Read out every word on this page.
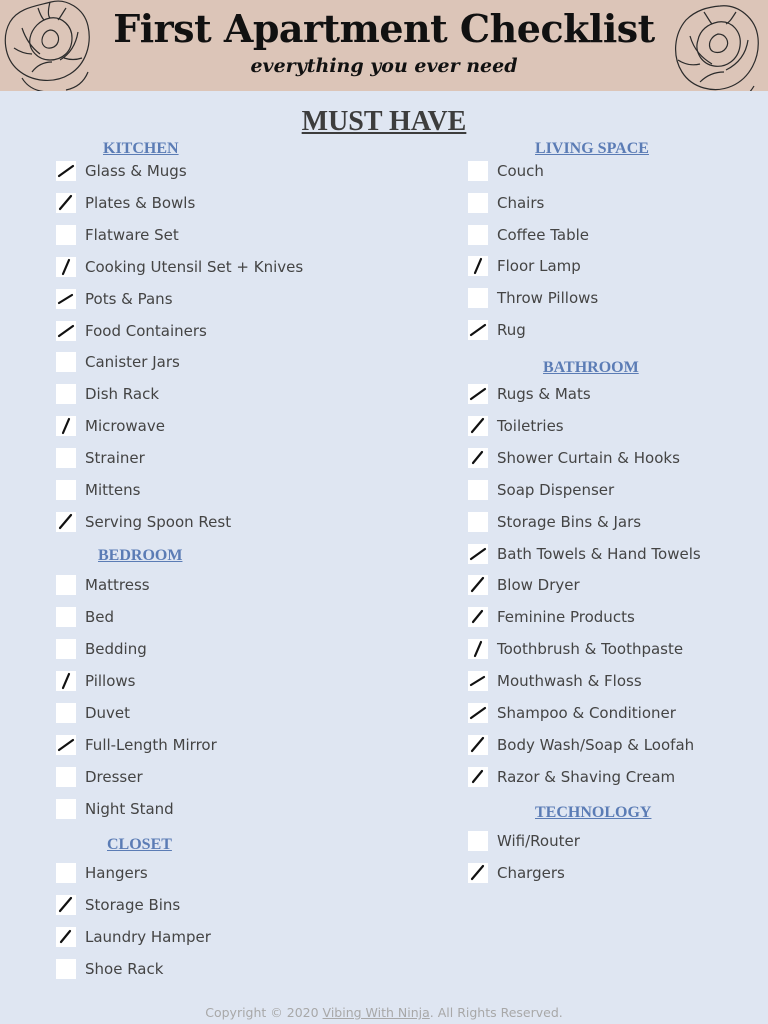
First Apartment Checklist
everything you ever need
MUST HAVE
KITCHEN
Glass & Mugs
Plates & Bowls
Flatware Set
Cooking Utensil Set + Knives
Pots & Pans
Food Containers
Canister Jars
Dish Rack
Microwave
Strainer
Mittens
Serving Spoon Rest
BEDROOM
Mattress
Bed
Bedding
Pillows
Duvet
Full-Length Mirror
Dresser
Night Stand
CLOSET
Hangers
Storage Bins
Laundry Hamper
Shoe Rack
LIVING SPACE
Couch
Chairs
Coffee Table
Floor Lamp
Throw Pillows
Rug
BATHROOM
Rugs & Mats
Toiletries
Shower Curtain & Hooks
Soap Dispenser
Storage Bins & Jars
Bath Towels & Hand Towels
Blow Dryer
Feminine Products
Toothbrush & Toothpaste
Mouthwash & Floss
Shampoo & Conditioner
Body Wash/Soap & Loofah
Razor & Shaving Cream
TECHNOLOGY
Wifi/Router
Chargers
Copyright © 2020 Vibing With Ninja. All Rights Reserved.
